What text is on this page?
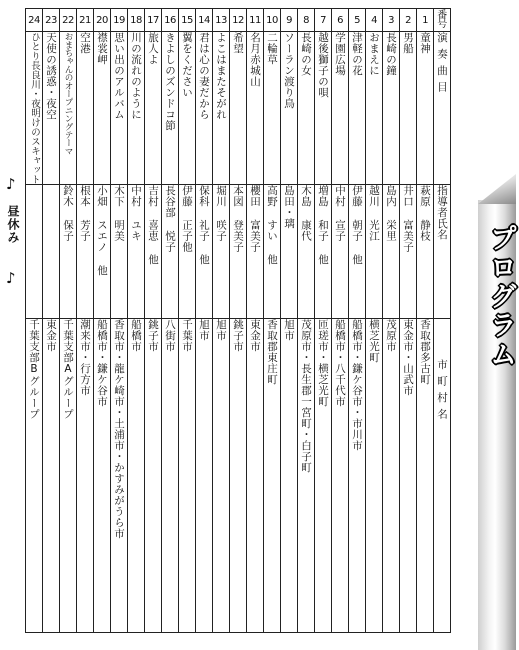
♪
昼休み
♪
24	23	22	21	20	19	18	17	16	15	14	13	12	11	10	9	8	7	6	5	4	3	2	1	番号

ひとり長良川・夜明けのスキャット	天使の誘惑・夜空	おまちゃんのオープニングテーマ	空港	襟裳岬	思い出のアルバム	川の流れのように	旅人よ	きよしのズンドコ節	翼をください	君は心の妻だから	よこはまたそがれ	希望	名月赤城山	二輪草	ソーラン渡り鳥	長崎の女	越後獅子の唄	学園広場	津軽の花	おまえに	長崎の鐘	男船	童神	演奏曲目

		鈴木 保子	根本 芳子	小畑 スエノ 他	木下 明美	中村 ユキ	吉村 喜恵 他	長谷部 悦子	伊藤 正子他	保科 礼子 他	堀川 咲子	本図 登美子	櫻田 富美子	高野 すい 他	島田・璃	木島 康代	増島 和子 他	中村 宣子	伊藤 朝子 他	越川 光江	島内 栄里	井口 富美子	萩原 静枝	指導者氏名

千葉支部Bグループ	東金市	千葉支部Aグループ	潮来市・行方市	船橋市・鎌ケ谷市	香取市・龍ケ崎市・土浦市・かすみがうら市	船橋市	銚子市	八街市	千葉市	旭市	旭市	銚子市	東金市	香取郡東庄町	旭市	茂原市・長生郡一宮町・白子町	匝瑳市・横芝光町	船橋市・八千代市	船橋市・鎌ケ谷市・市川市	横芝光町	茂原市	東金市・山武市	香取郡多古町	市町村名
プログラム
